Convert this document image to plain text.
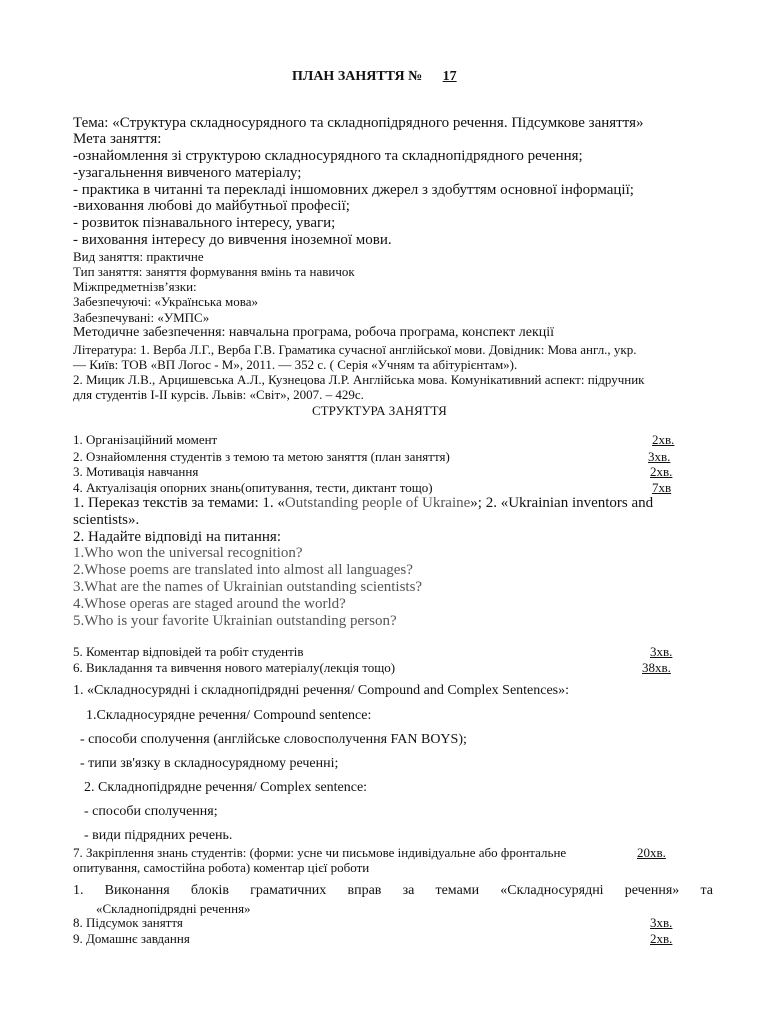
ПЛАН ЗАНЯТТЯ № 17
Тема: «Структура складносурядного та складнопідрядного речення. Підсумкове заняття»
Мета заняття:
-ознайомлення зі структурою складносурядного та складнопідрядного речення;
-узагальнення вивченого матеріалу;
- практика в читанні та перекладі іншомовних джерел з здобуттям основної інформації;
-виховання любові до майбутньої професії;
- розвиток пізнавального інтересу, уваги;
- виховання інтересу до вивчення іноземної мови.
Вид заняття: практичне
Тип заняття: заняття формування вмінь та навичок
Міжпредметнізв’язки:
Забезпечуючі: «Українська мова»
Забезпечувані: «УМПС»
Методичне забезпечення: навчальна програма, робоча програма, конспект лекції
Література: 1. Верба Л.Г., Верба Г.В. Граматика сучасної англійської мови. Довідник: Мова англ., укр.
— Київ: ТОВ «ВП Логос - М», 2011. — 352 с. ( Серія «Учням та абітурієнтам»).
2. Мицик Л.В., Арцишевська А.Л., Кузнецова Л.Р. Англійська мова. Комунікативний аспект: підручник
для студентів І-ІІ курсів. Львів: «Світ», 2007. – 429с.
СТРУКТУРА ЗАНЯТТЯ
1. Організаційний момент	2хв.
2. Ознайомлення студентів з темою та метою заняття (план заняття)	3хв.
3. Мотивація навчання	2хв.
4. Актуалізація опорних знань(опитування, тести, диктант тощо)	7хв
1. Переказ текстів за темами: 1. «Outstanding people of Ukraine»; 2. «Ukrainian inventors and
scientists».
2. Надайте відповіді на питання:
1.Who won the universal recognition?
2.Whose poems are translated into almost all languages?
3.What are the names of Ukrainian outstanding scientists?
4.Whose operas are staged around the world?
5.Who is your favorite Ukrainian outstanding person?
5. Коментар відповідей та робіт студентів	3хв.
6. Викладання та вивчення нового матеріалу(лекція тощо)	38хв.
1. «Складносурядні і складнопідрядні речення/ Compound and Complex Sentences»:
1.Складносурядне речення/ Compound sentence:
- способи сполучення (англійське словосполучення FAN BOYS);
- типи зв'язку в складносурядному реченні;
2. Складнопідрядне речення/ Complex sentence:
- способи сполучення;
- види підрядних речень.
7. Закріплення знань студентів: (форми: усне чи письмове індивідуальне або фронтальне	20хв.
опитування, самостійна робота) коментар цієї роботи
1. Виконання блоків граматичних вправ за темами «Складносурядні речення» та
«Складнопідрядні речення»
8. Підсумок заняття	3хв.
9. Домашнє завдання	2хв.
